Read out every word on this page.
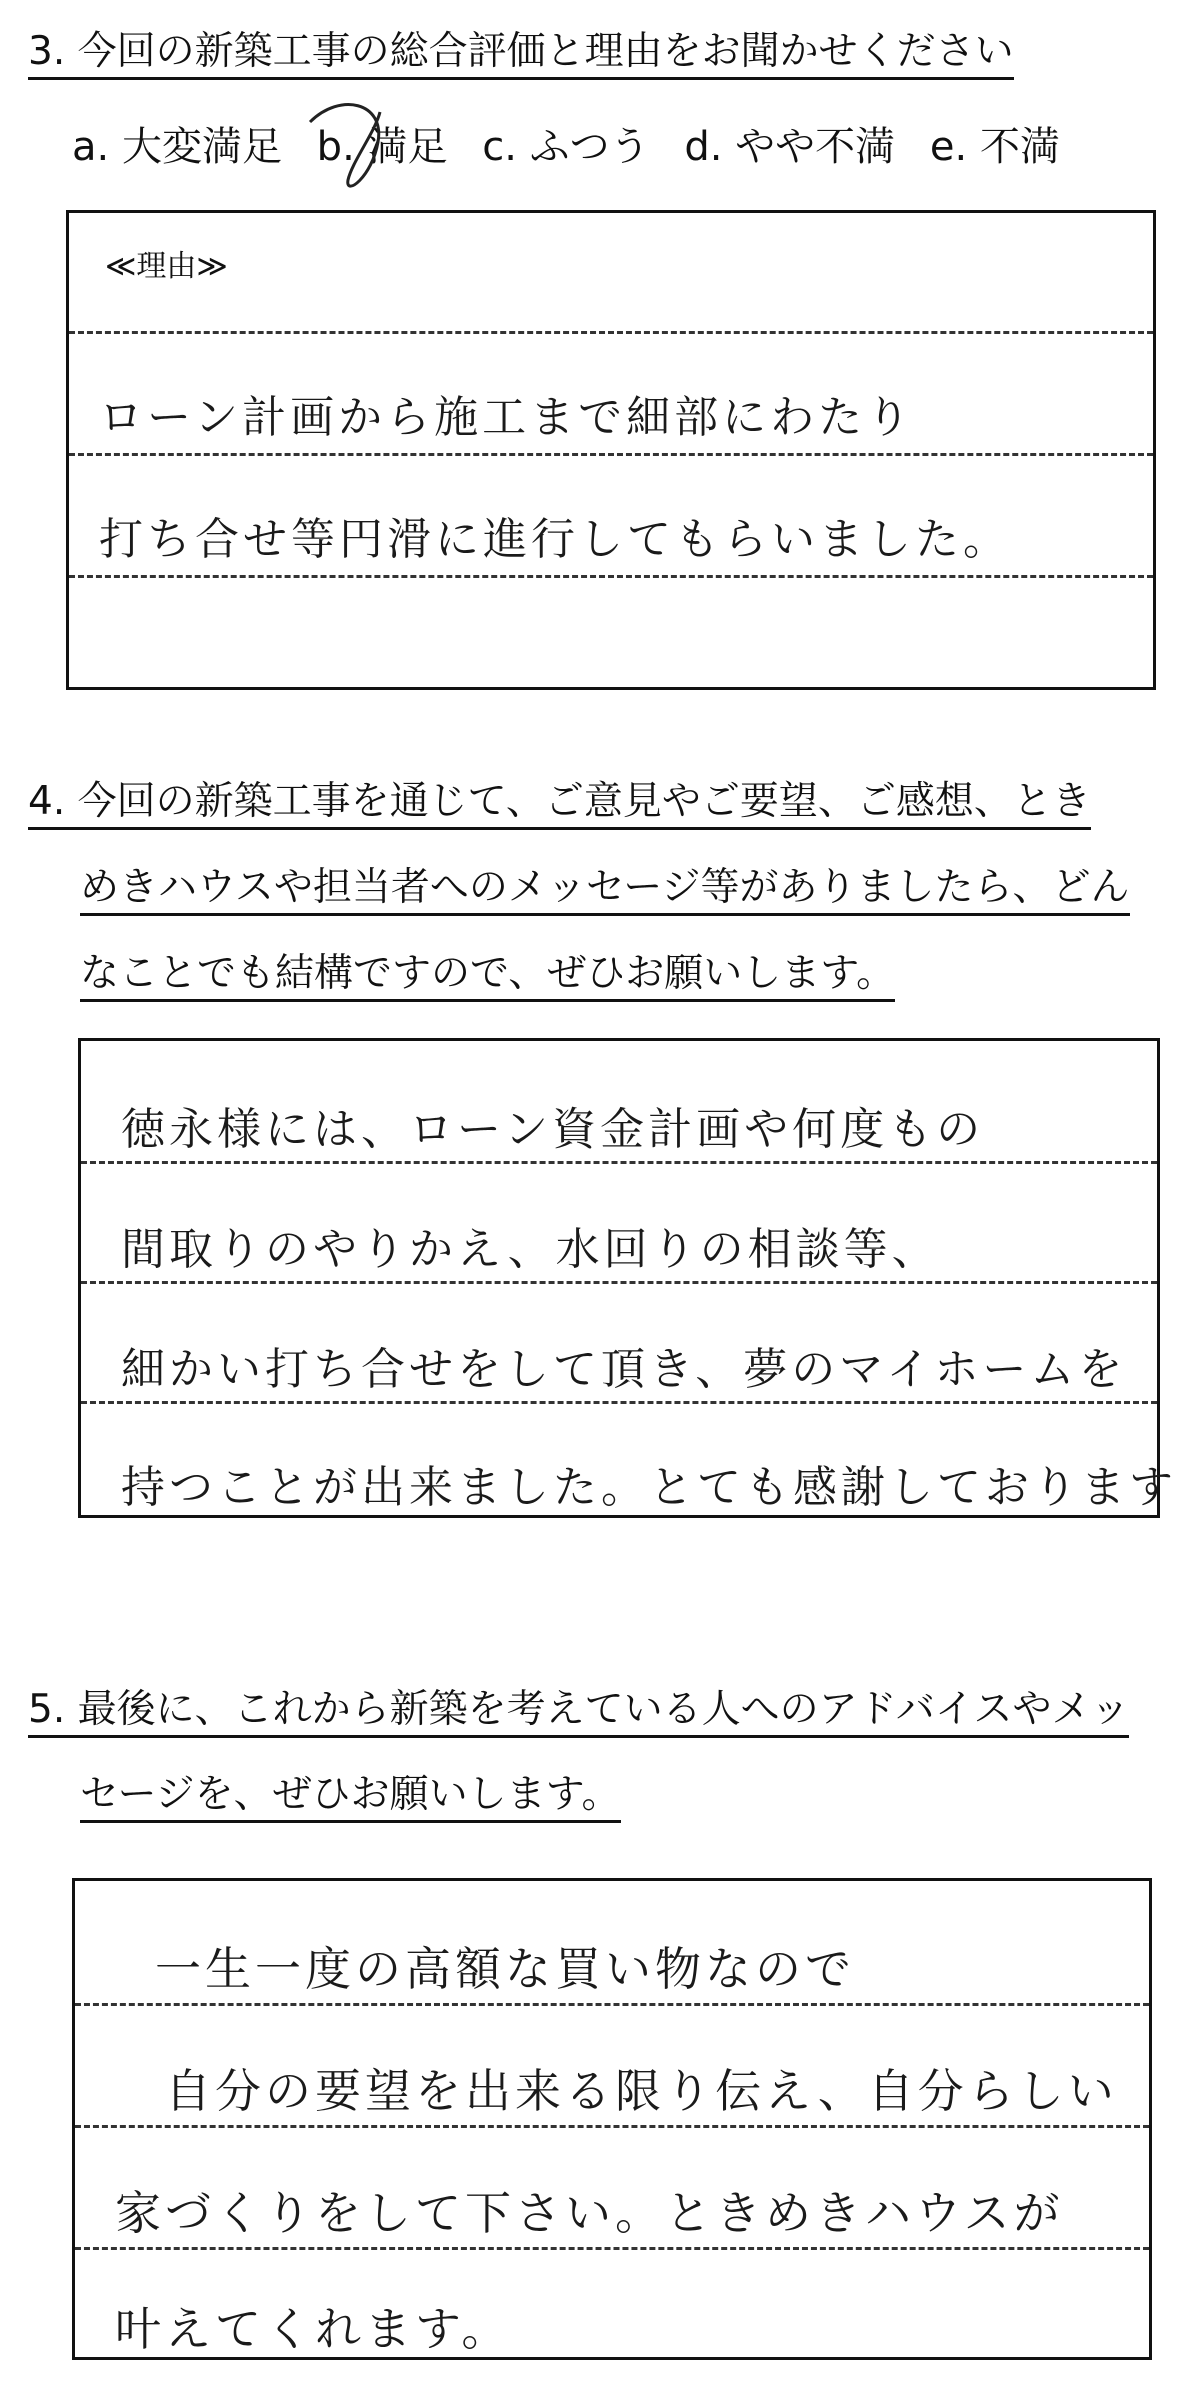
3. 今回の新築工事の総合評価と理由をお聞かせください
a. 大変満足 b. 満足 c. ふつう d. やや不満 e. 不満
≪理由≫
ローン計画から施工まで細部にわたり
打ち合せ等円滑に進行してもらいました。
4. 今回の新築工事を通じて、ご意見やご要望、ご感想、とき
めきハウスや担当者へのメッセージ等がありましたら、どん
なことでも結構ですので、ぜひお願いします。
徳永様には、ローン資金計画や何度もの
間取りのやりかえ、水回りの相談等、
細かい打ち合せをして頂き、夢のマイホームを
持つことが出来ました。とても感謝しております
5. 最後に、これから新築を考えている人へのアドバイスやメッ
セージを、ぜひお願いします。
一生一度の高額な買い物なので
自分の要望を出来る限り伝え、自分らしい
家づくりをして下さい。ときめきハウスが
叶えてくれます。
